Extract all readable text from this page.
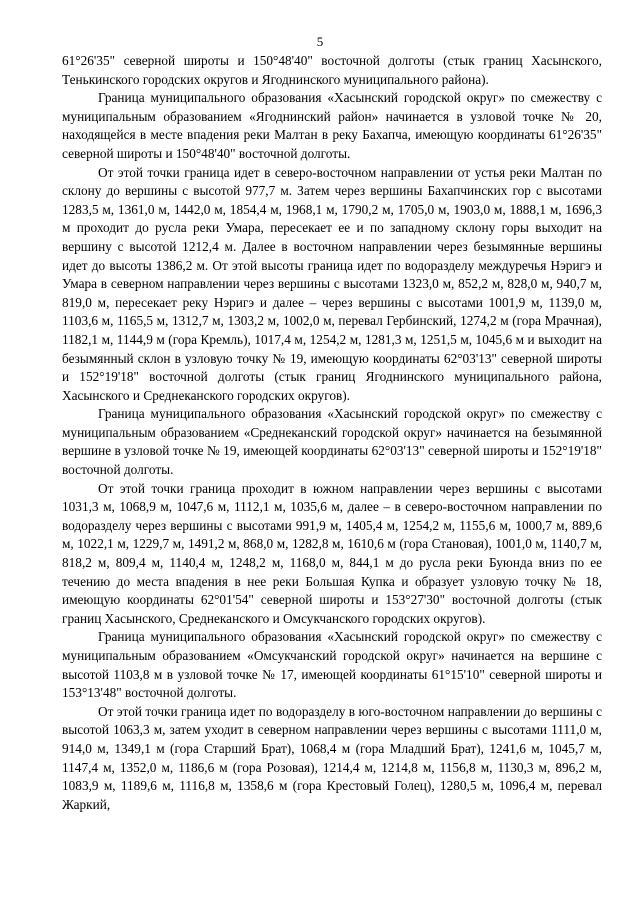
5

61°26'35" северной широты и 150°48'40" восточной долготы (стык границ Хасынского, Тенькинского городских округов и Ягоднинского муниципального района).

Граница муниципального образования «Хасынский городской округ» по смежеству с муниципальным образованием «Ягоднинский район» начинается в узловой точке № 20, находящейся в месте впадения реки Малтан в реку Бахапча, имеющую координаты 61°26'35" северной широты и 150°48'40" восточной долготы.

От этой точки граница идет в северо-восточном направлении от устья реки Малтан по склону до вершины с высотой 977,7 м. Затем через вершины Бахапчинских гор с высотами 1283,5 м, 1361,0 м, 1442,0 м, 1854,4 м, 1968,1 м, 1790,2 м, 1705,0 м, 1903,0 м, 1888,1 м, 1696,3 м проходит до русла реки Умара, пересекает ее и по западному склону горы выходит на вершину с высотой 1212,4 м. Далее в восточном направлении через безымянные вершины идет до высоты 1386,2 м. От этой высоты граница идет по водоразделу междуречья Нэригэ и Умара в северном направлении через вершины с высотами 1323,0 м, 852,2 м, 828,0 м, 940,7 м, 819,0 м, пересекает реку Нэригэ и далее – через вершины с высотами 1001,9 м, 1139,0 м, 1103,6 м, 1165,5 м, 1312,7 м, 1303,2 м, 1002,0 м, перевал Гербинский, 1274,2 м (гора Мрачная), 1182,1 м, 1144,9 м (гора Кремль), 1017,4 м, 1254,2 м, 1281,3 м, 1251,5 м, 1045,6 м и выходит на безымянный склон в узловую точку № 19, имеющую координаты 62°03'13" северной широты и 152°19'18" восточной долготы (стык границ Ягоднинского муниципального района, Хасынского и Среднеканского городских округов).

Граница муниципального образования «Хасынский городской округ» по смежеству с муниципальным образованием «Среднеканский городской округ» начинается на безымянной вершине в узловой точке № 19, имеющей координаты 62°03'13" северной широты и 152°19'18" восточной долготы.

От этой точки граница проходит в южном направлении через вершины с высотами 1031,3 м, 1068,9 м, 1047,6 м, 1112,1 м, 1035,6 м, далее – в северо-восточном направлении по водоразделу через вершины с высотами 991,9 м, 1405,4 м, 1254,2 м, 1155,6 м, 1000,7 м, 889,6 м, 1022,1 м, 1229,7 м, 1491,2 м, 868,0 м, 1282,8 м, 1610,6 м (гора Становая), 1001,0 м, 1140,7 м, 818,2 м, 809,4 м, 1140,4 м, 1248,2 м, 1168,0 м, 844,1 м до русла реки Буюнда вниз по ее течению до места впадения в нее реки Большая Купка и образует узловую точку № 18, имеющую координаты 62°01'54" северной широты и 153°27'30" восточной долготы (стык границ Хасынского, Среднеканского и Омсукчанского городских округов).

Граница муниципального образования «Хасынский городской округ» по смежеству с муниципальным образованием «Омсукчанский городской округ» начинается на вершине с высотой 1103,8 м в узловой точке № 17, имеющей координаты 61°15'10" северной широты и 153°13'48" восточной долготы.

От этой точки граница идет по водоразделу в юго-восточном направлении до вершины с высотой 1063,3 м, затем уходит в северном направлении через вершины с высотами 1111,0 м, 914,0 м, 1349,1 м (гора Старший Брат), 1068,4 м (гора Младший Брат), 1241,6 м, 1045,7 м, 1147,4 м, 1352,0 м, 1186,6 м (гора Розовая), 1214,4 м, 1214,8 м, 1156,8 м, 1130,3 м, 896,2 м, 1083,9 м, 1189,6 м, 1116,8 м, 1358,6 м (гора Крестовый Голец), 1280,5 м, 1096,4 м, перевал Жаркий,
